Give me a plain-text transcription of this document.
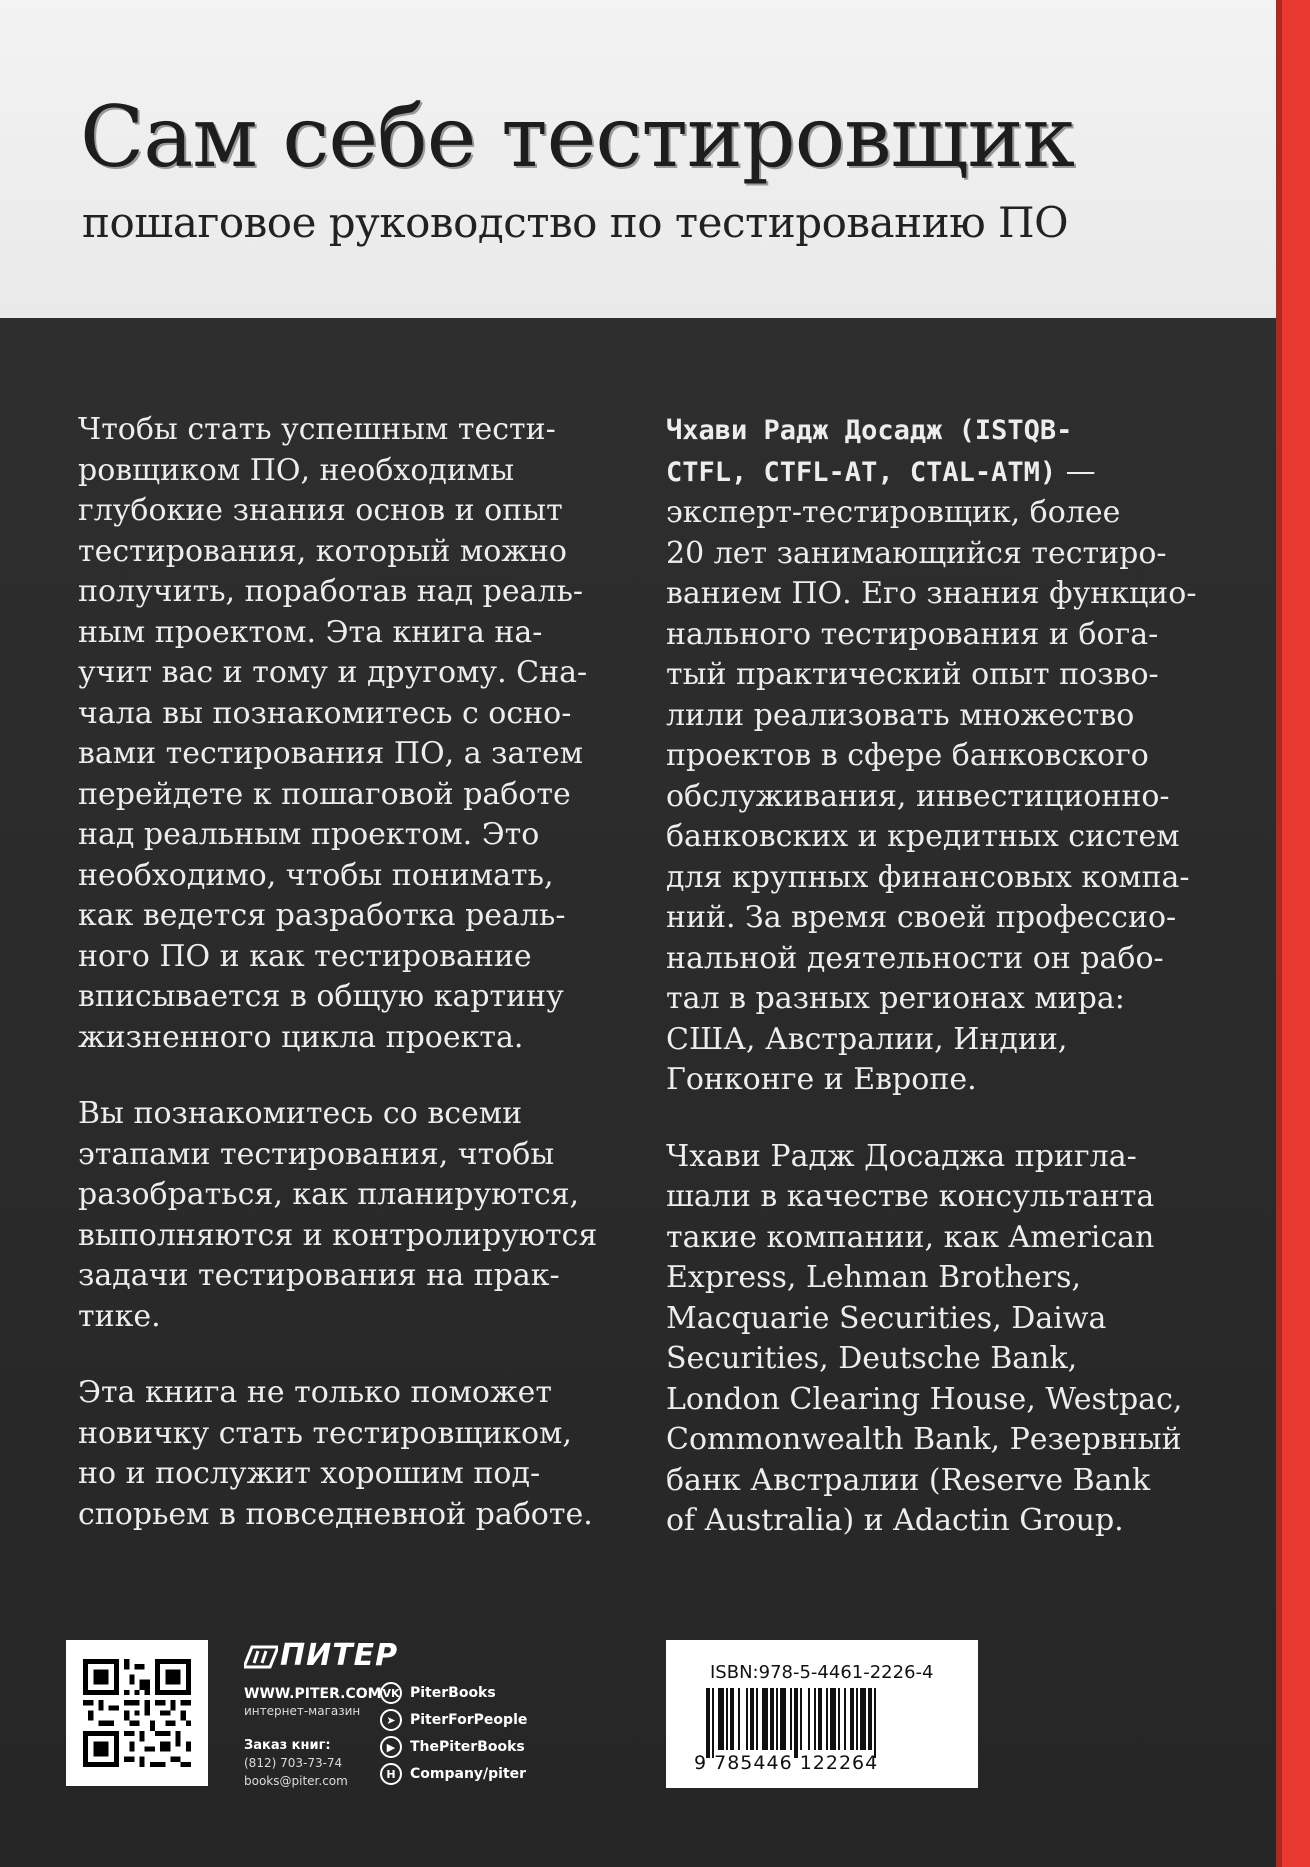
Сам себе тестировщик

пошаговое руководство по тестированию ПО

Чтобы стать успешным тести-
ровщиком ПО, необходимы
глубокие знания основ и опыт
тестирования, который можно
получить, поработав над реаль-
ным проектом. Эта книга на-
учит вас и тому и другому. Сна-
чала вы познакомитесь с осно-
вами тестирования ПО, а затем
перейдете к пошаговой работе
над реальным проектом. Это
необходимо, чтобы понимать,
как ведется разработка реаль-
ного ПО и как тестирование
вписывается в общую картину
жизненного цикла проекта.

Вы познакомитесь со всеми
этапами тестирования, чтобы
разобраться, как планируются,
выполняются и контролируются
задачи тестирования на прак-
тике.

Эта книга не только поможет
новичку стать тестировщиком,
но и послужит хорошим под-
спорьем в повседневной работе.

Чхави Радж Досадж (ISTQB-
CTFL, CTFL-AT, CTAL-ATM) —
эксперт-тестировщик, более
20 лет занимающийся тестиро-
ванием ПО. Его знания функцио-
нального тестирования и бога-
тый практический опыт позво-
лили реализовать множество
проектов в сфере банковского
обслуживания, инвестиционно-
банковских и кредитных систем
для крупных финансовых компа-
ний. За время своей профессио-
нальной деятельности он рабо-
тал в разных регионах мира:
США, Австралии, Индии,
Гонконге и Европе.

Чхави Радж Досаджа пригла-
шали в качестве консультанта
такие компании, как American
Express, Lehman Brothers,
Macquarie Securities, Daiwa
Securities, Deutsche Bank,
London Clearing House, Westpac,
Commonwealth Bank, Резервный
банк Австралии (Reserve Bank
of Australia) и Adactin Group.

ПИТЕР

WWW.PITER.COM

интернет-магазин

Заказ книг:

(812) 703-73-74

books@piter.com

VK PiterBooks
➤	PiterForPeople
▶	ThePiterBooks
H	Company/piter

ISBN:978-5-4461-2226-4

9 785446 122264
